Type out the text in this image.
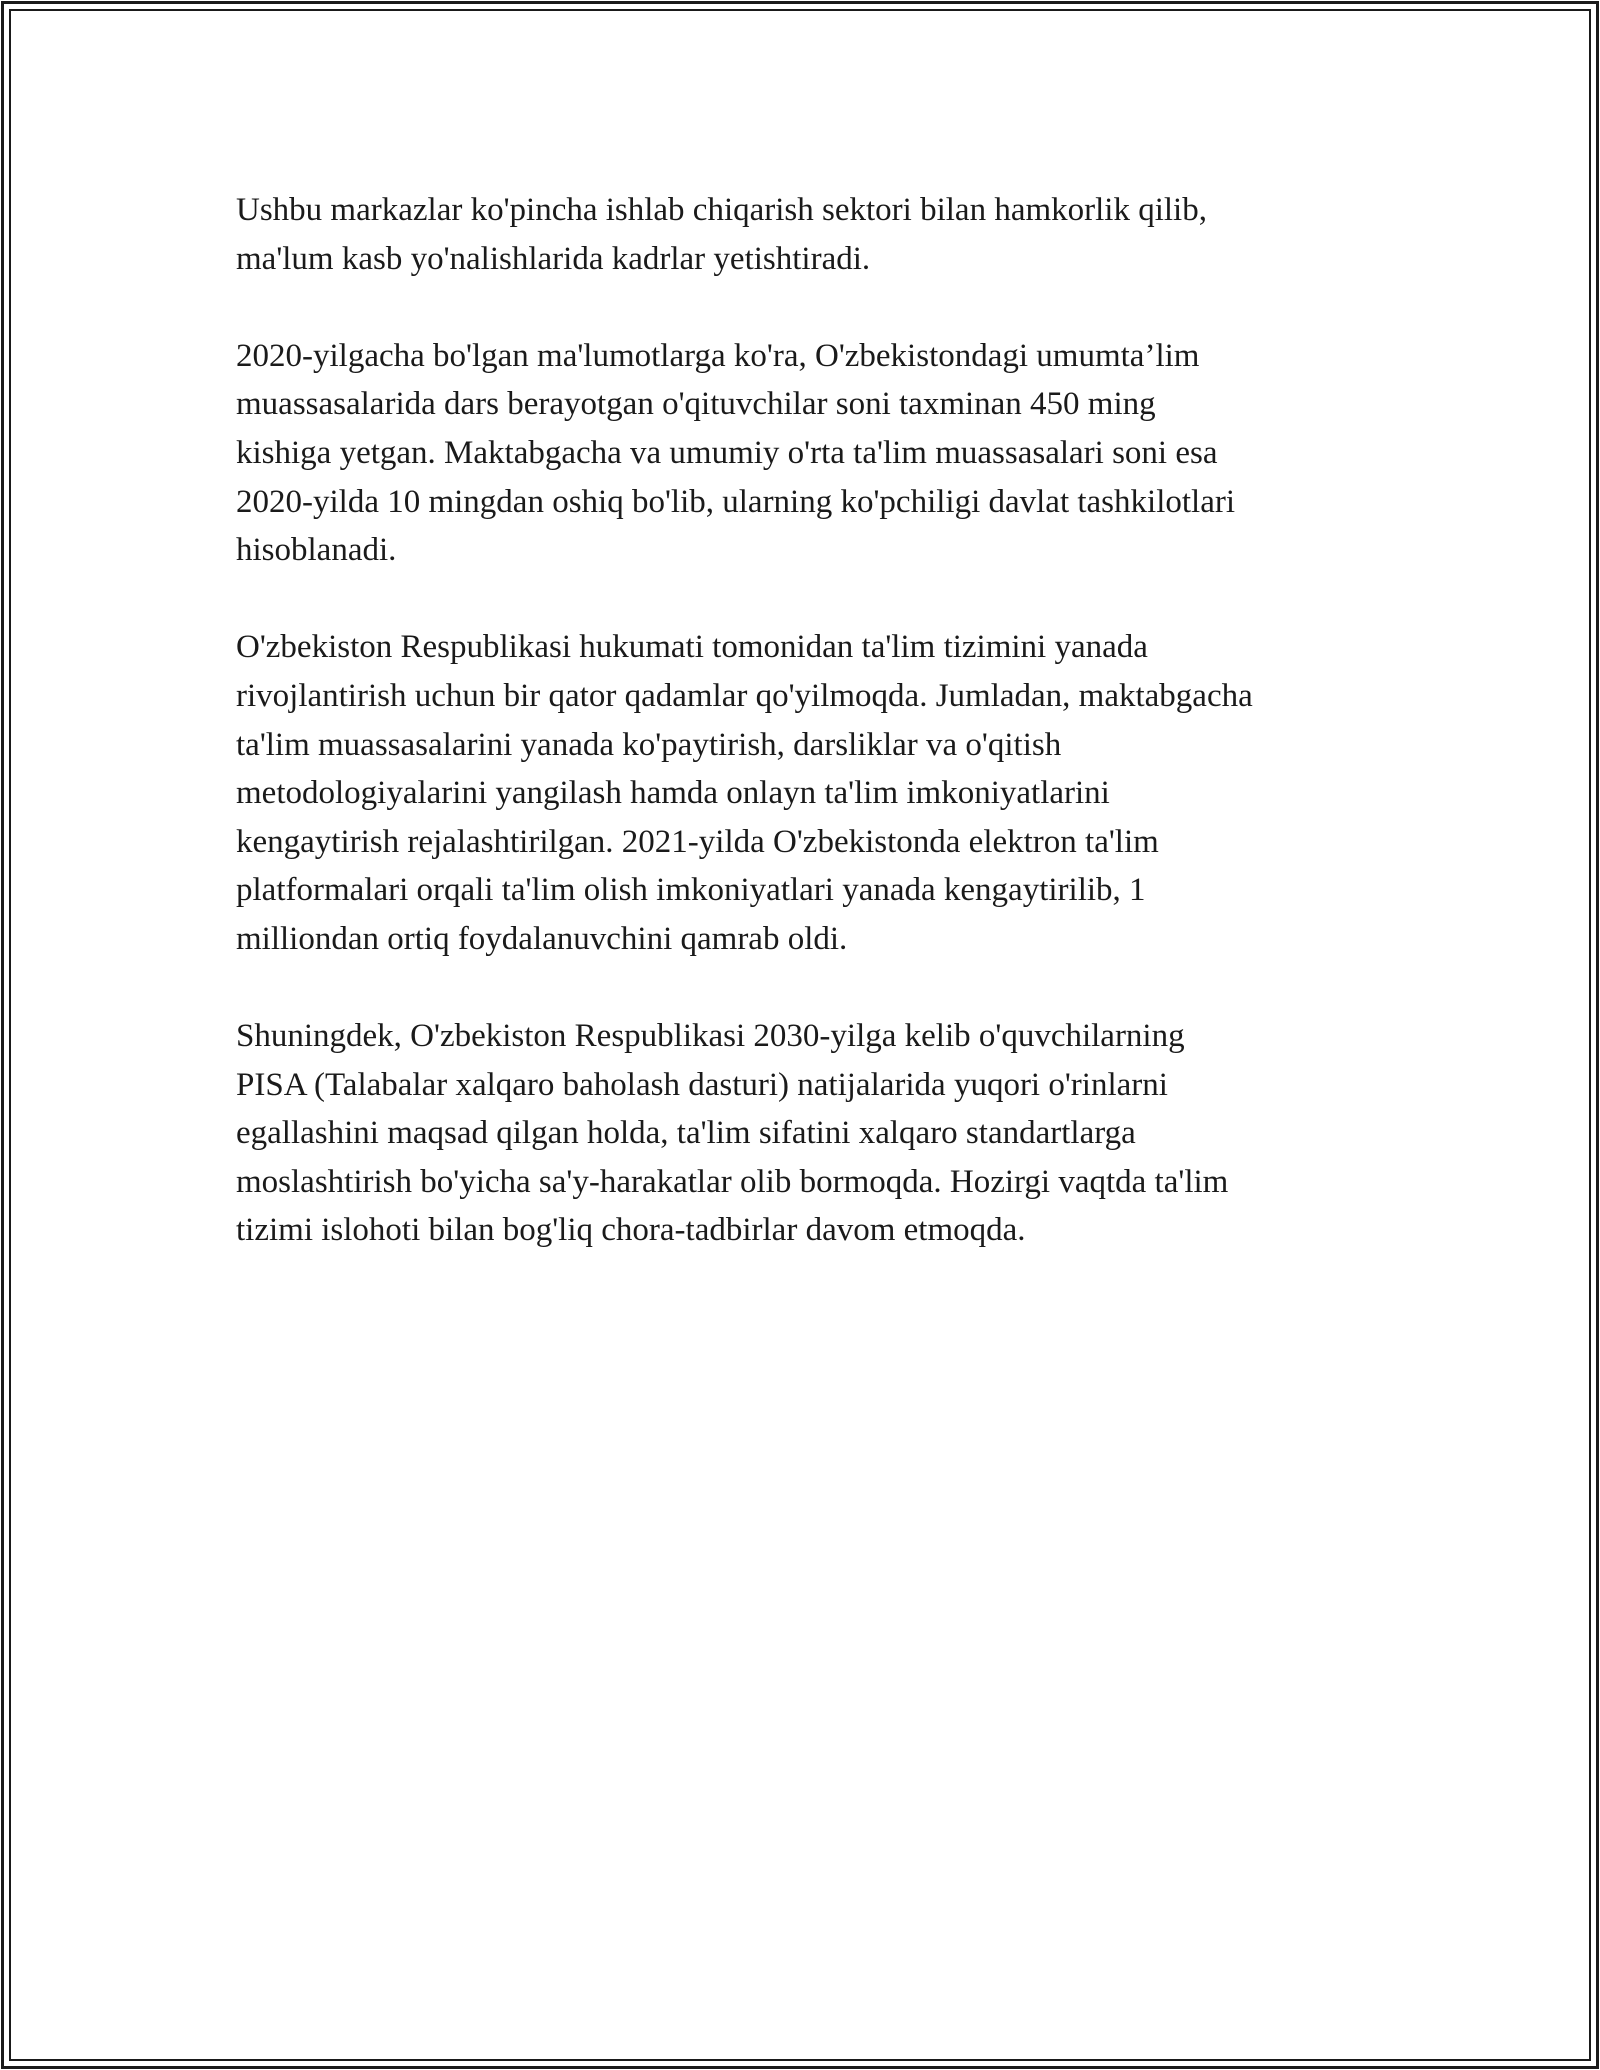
Ushbu markazlar ko'pincha ishlab chiqarish sektori bilan hamkorlik qilib,
ma'lum kasb yo'nalishlarida kadrlar yetishtiradi.

2020-yilgacha bo'lgan ma'lumotlarga ko'ra, O'zbekistondagi umumta’lim
muassasalarida dars berayotgan o'qituvchilar soni taxminan 450 ming
kishiga yetgan. Maktabgacha va umumiy o'rta ta'lim muassasalari soni esa
2020-yilda 10 mingdan oshiq bo'lib, ularning ko'pchiligi davlat tashkilotlari
hisoblanadi.

O'zbekiston Respublikasi hukumati tomonidan ta'lim tizimini yanada
rivojlantirish uchun bir qator qadamlar qo'yilmoqda. Jumladan, maktabgacha
ta'lim muassasalarini yanada ko'paytirish, darsliklar va o'qitish
metodologiyalarini yangilash hamda onlayn ta'lim imkoniyatlarini
kengaytirish rejalashtirilgan. 2021-yilda O'zbekistonda elektron ta'lim
platformalari orqali ta'lim olish imkoniyatlari yanada kengaytirilib, 1
milliondan ortiq foydalanuvchini qamrab oldi.

Shuningdek, O'zbekiston Respublikasi 2030-yilga kelib o'quvchilarning
PISA (Talabalar xalqaro baholash dasturi) natijalarida yuqori o'rinlarni
egallashini maqsad qilgan holda, ta'lim sifatini xalqaro standartlarga
moslashtirish bo'yicha sa'y-harakatlar olib bormoqda. Hozirgi vaqtda ta'lim
tizimi islohoti bilan bog'liq chora-tadbirlar davom etmoqda.
